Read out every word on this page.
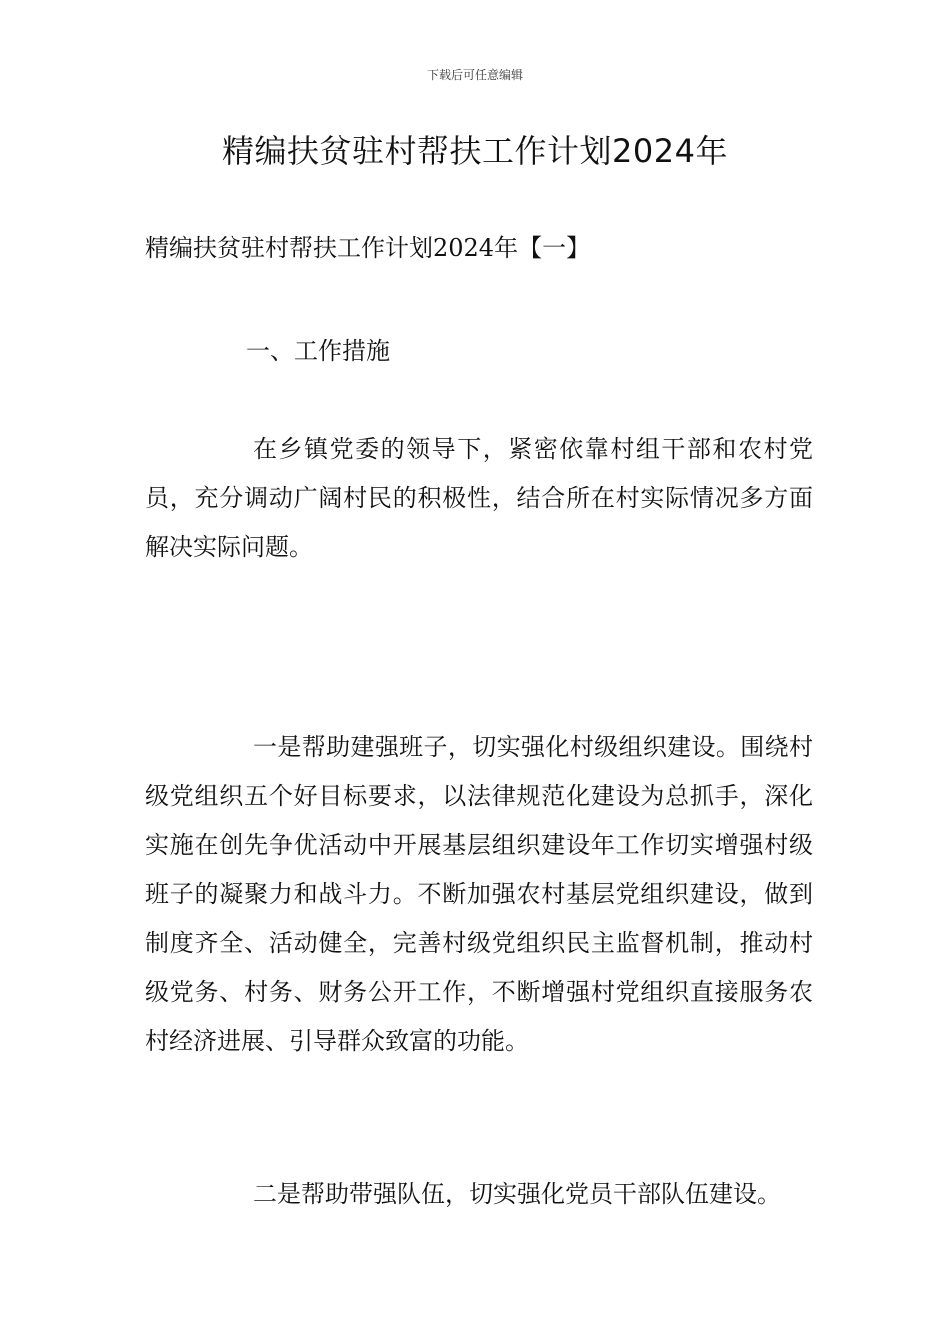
下载后可任意编辑
精编扶贫驻村帮扶工作计划2024年
精编扶贫驻村帮扶工作计划2024年【一】
一、工作措施

在乡镇党委的领导下，紧密依靠村组干部和农村党员，充分调动广阔村民的积极性，结合所在村实际情况多方面解决实际问题。

一是帮助建强班子，切实强化村级组织建设。围绕村级党组织五个好目标要求，以法律规范化建设为总抓手，深化实施在创先争优活动中开展基层组织建设年工作切实增强村级班子的凝聚力和战斗力。不断加强农村基层党组织建设，做到制度齐全、活动健全，完善村级党组织民主监督机制，推动村级党务、村务、财务公开工作，不断增强村党组织直接服务农村经济进展、引导群众致富的功能。

二是帮助带强队伍，切实强化党员干部队伍建设。
